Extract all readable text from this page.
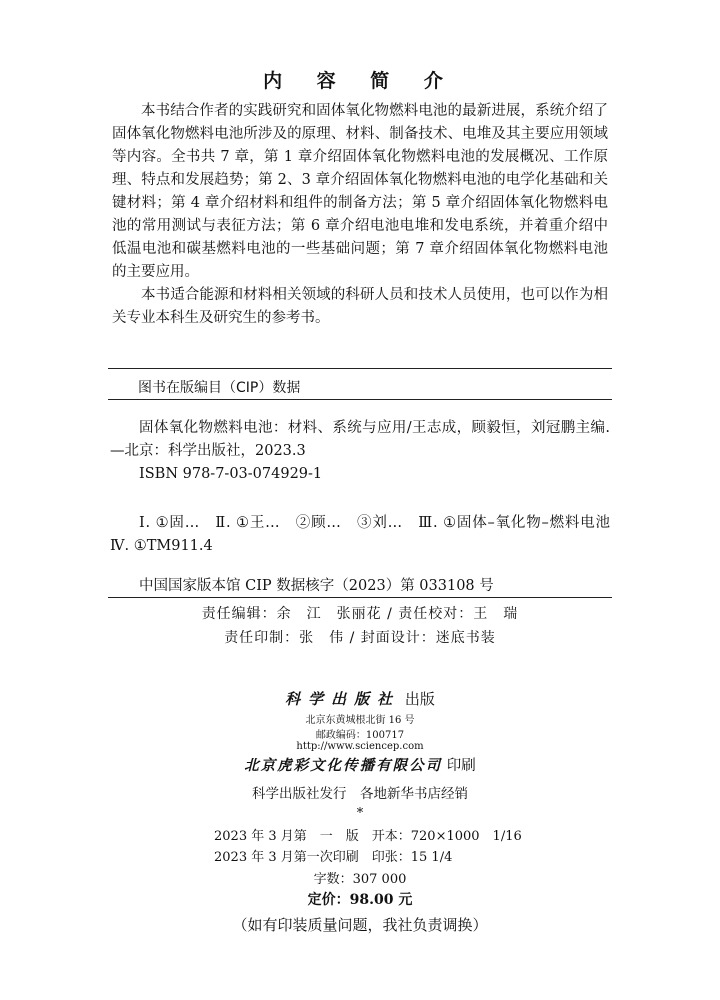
内 容 简 介

本书结合作者的实践研究和固体氧化物燃料电池的最新进展，系统介绍了固体氧化物燃料电池所涉及的原理、材料、制备技术、电堆及其主要应用领域等内容。全书共 7 章，第 1 章介绍固体氧化物燃料电池的发展概况、工作原理、特点和发展趋势；第 2、3 章介绍固体氧化物燃料电池的电学化基础和关键材料；第 4 章介绍材料和组件的制备方法；第 5 章介绍固体氧化物燃料电池的常用测试与表征方法；第 6 章介绍电池电堆和发电系统，并着重介绍中低温电池和碳基燃料电池的一些基础问题；第 7 章介绍固体氧化物燃料电池的主要应用。

本书适合能源和材料相关领域的科研人员和技术人员使用，也可以作为相关专业本科生及研究生的参考书。

图书在版编目（CIP）数据

固体氧化物燃料电池：材料、系统与应用/王志成，顾毅恒，刘冠鹏主编. —北京：科学出版社，2023.3

ISBN 978-7-03-074929-1

Ⅰ. ①固…　Ⅱ. ①王…　②顾…　③刘…　Ⅲ. ①固体–氧化物–燃料电池　Ⅳ. ①TM911.4

中国国家版本馆 CIP 数据核字（2023）第 033108 号

责任编辑：余　江　张丽花 / 责任校对：王　瑞
责任印制：张　伟 / 封面设计：迷底书装
科学出版社 出版
北京东黄城根北街 16 号
邮政编码：100717
http://www.sciencep.com
北京虎彩文化传播有限公司 印刷
科学出版社发行　各地新华书店经销
*
2023 年 3 月第　一　版　开本：720×1000　1/16
2023 年 3 月第一次印刷　印张：15 1/4
字数：307 000
定价：98.00 元
（如有印装质量问题，我社负责调换）
